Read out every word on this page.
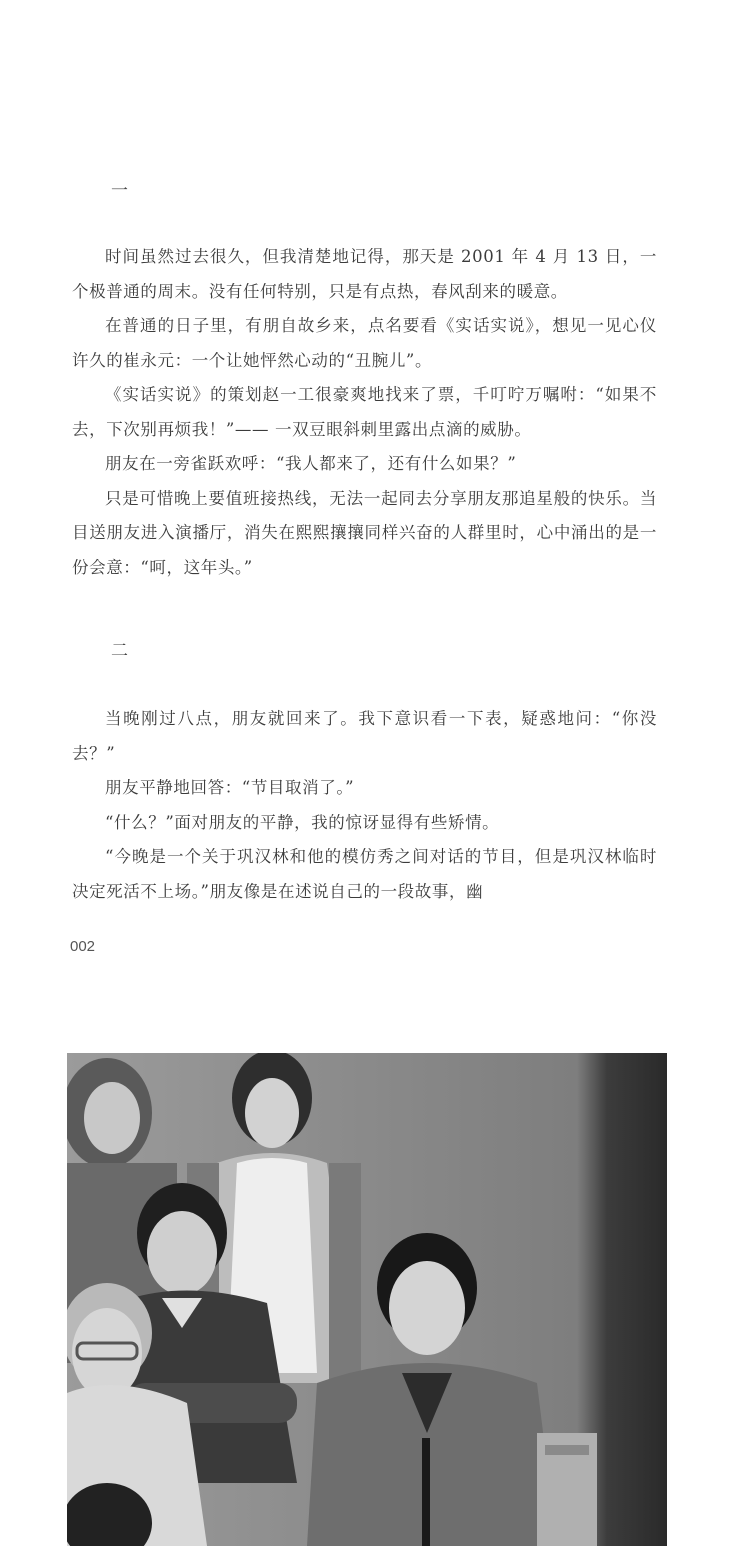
一

时间虽然过去很久，但我清楚地记得，那天是 2001 年 4 月 13 日，一个极普通的周末。没有任何特别，只是有点热，春风刮来的暖意。

在普通的日子里，有朋自故乡来，点名要看《实话实说》，想见一见心仪许久的崔永元：一个让她怦然心动的“丑腕儿”。

《实话实说》的策划赵一工很豪爽地找来了票，千叮咛万嘱咐：“如果不去，下次别再烦我！”—— 一双豆眼斜刺里露出点滴的威胁。

朋友在一旁雀跃欢呼：“我人都来了，还有什么如果？”

只是可惜晚上要值班接热线，无法一起同去分享朋友那追星般的快乐。当目送朋友进入演播厅，消失在熙熙攘攘同样兴奋的人群里时，心中涌出的是一份会意：“呵，这年头。”

二

当晚刚过八点，朋友就回来了。我下意识看一下表，疑惑地问：“你没去？”

朋友平静地回答：“节目取消了。”

“什么？”面对朋友的平静，我的惊讶显得有些矫情。

“今晚是一个关于巩汉林和他的模仿秀之间对话的节目，但是巩汉林临时决定死活不上场。”朋友像是在述说自己的一段故事，幽

002
